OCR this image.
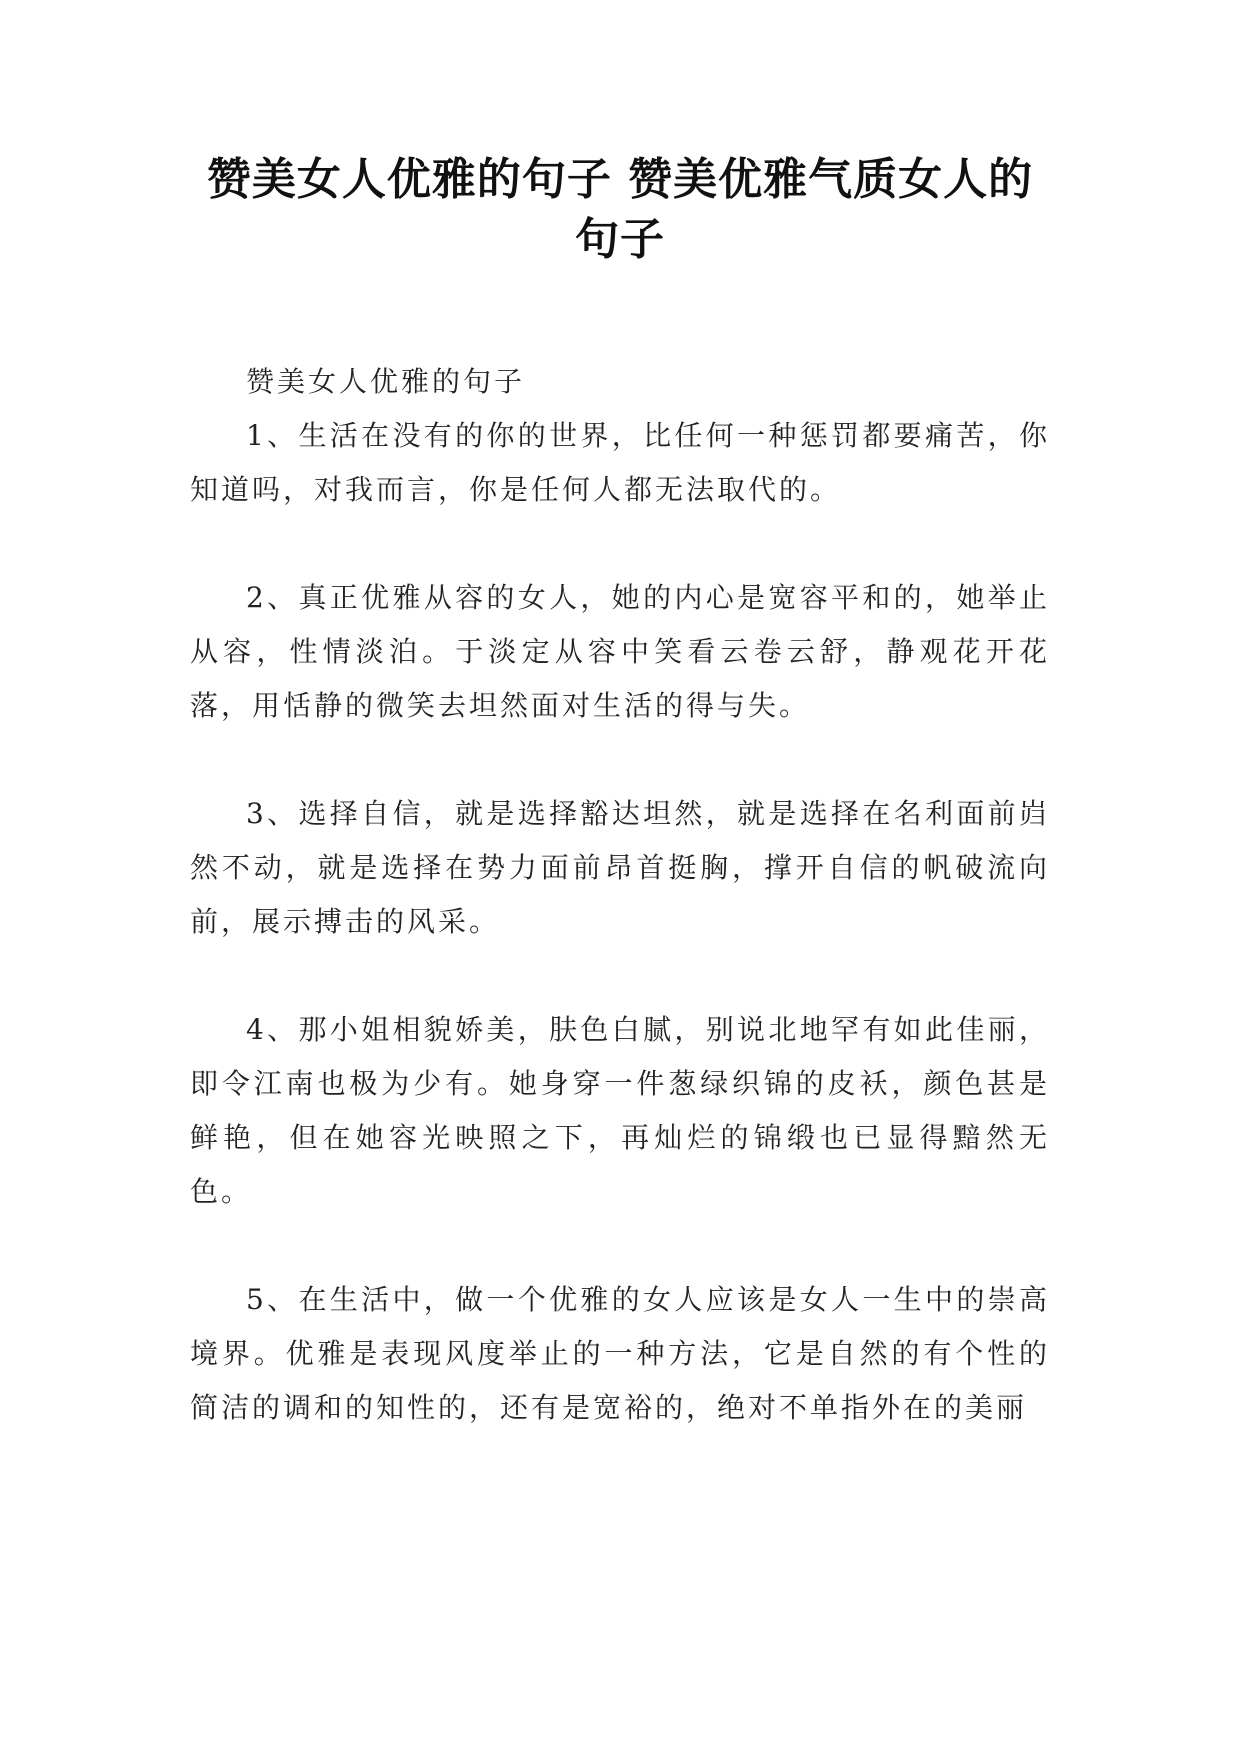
赞美女人优雅的句子 赞美优雅气质女人的
句子

赞美女人优雅的句子

1、生活在没有的你的世界，比任何一种惩罚都要痛苦，你知道吗，对我而言，你是任何人都无法取代的。

2、真正优雅从容的女人，她的内心是宽容平和的，她举止从容，性情淡泊。于淡定从容中笑看云卷云舒，静观花开花落，用恬静的微笑去坦然面对生活的得与失。

3、选择自信，就是选择豁达坦然，就是选择在名利面前岿然不动，就是选择在势力面前昂首挺胸，撑开自信的帆破流向前，展示搏击的风采。

4、那小姐相貌娇美，肤色白腻，别说北地罕有如此佳丽，即令江南也极为少有。她身穿一件葱绿织锦的皮袄，颜色甚是鲜艳，但在她容光映照之下，再灿烂的锦缎也已显得黯然无色。

5、在生活中，做一个优雅的女人应该是女人一生中的崇高境界。优雅是表现风度举止的一种方法，它是自然的有个性的简洁的调和的知性的，还有是宽裕的，绝对不单指外在的美丽
